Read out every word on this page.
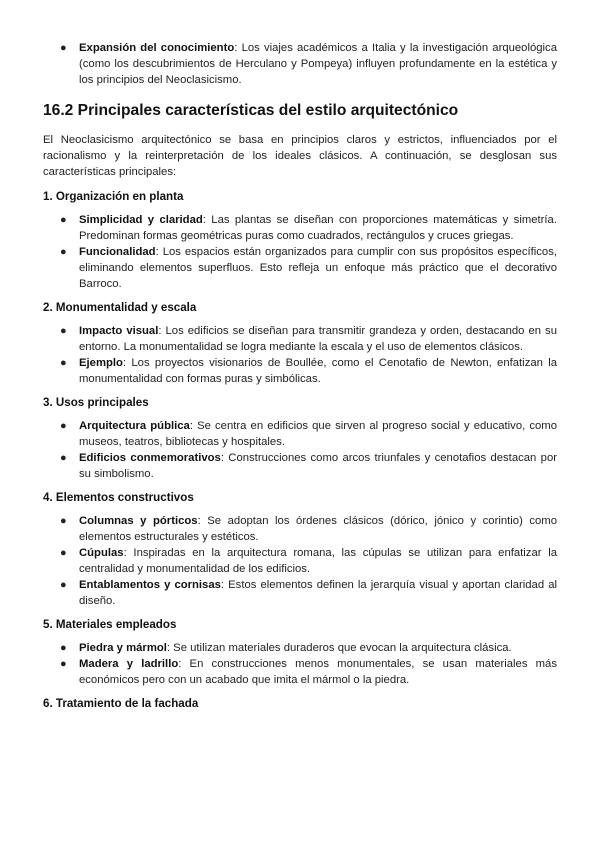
● Expansión del conocimiento: Los viajes académicos a Italia y la investigación arqueológica (como los descubrimientos de Herculano y Pompeya) influyen profundamente en la estética y los principios del Neoclasicismo.
16.2 Principales características del estilo arquitectónico

El Neoclasicismo arquitectónico se basa en principios claros y estrictos, influenciados por el racionalismo y la reinterpretación de los ideales clásicos. A continuación, se desglosan sus características principales:

1. Organización en planta
● Simplicidad y claridad: Las plantas se diseñan con proporciones matemáticas y simetría. Predominan formas geométricas puras como cuadrados, rectángulos y cruces griegas.
● Funcionalidad: Los espacios están organizados para cumplir con sus propósitos específicos, eliminando elementos superfluos. Esto refleja un enfoque más práctico que el decorativo Barroco.
2. Monumentalidad y escala
● Impacto visual: Los edificios se diseñan para transmitir grandeza y orden, destacando en su entorno. La monumentalidad se logra mediante la escala y el uso de elementos clásicos.
● Ejemplo: Los proyectos visionarios de Boullée, como el Cenotafio de Newton, enfatizan la monumentalidad con formas puras y simbólicas.
3. Usos principales
● Arquitectura pública: Se centra en edificios que sirven al progreso social y educativo, como museos, teatros, bibliotecas y hospitales.
● Edificios conmemorativos: Construcciones como arcos triunfales y cenotafios destacan por su simbolismo.
4. Elementos constructivos
● Columnas y pórticos: Se adoptan los órdenes clásicos (dórico, jónico y corintio) como elementos estructurales y estéticos.
● Cúpulas: Inspiradas en la arquitectura romana, las cúpulas se utilizan para enfatizar la centralidad y monumentalidad de los edificios.
● Entablamentos y cornisas: Estos elementos definen la jerarquía visual y aportan claridad al diseño.
5. Materiales empleados
● Piedra y mármol: Se utilizan materiales duraderos que evocan la arquitectura clásica.
● Madera y ladrillo: En construcciones menos monumentales, se usan materiales más económicos pero con un acabado que imita el mármol o la piedra.
6. Tratamiento de la fachada
